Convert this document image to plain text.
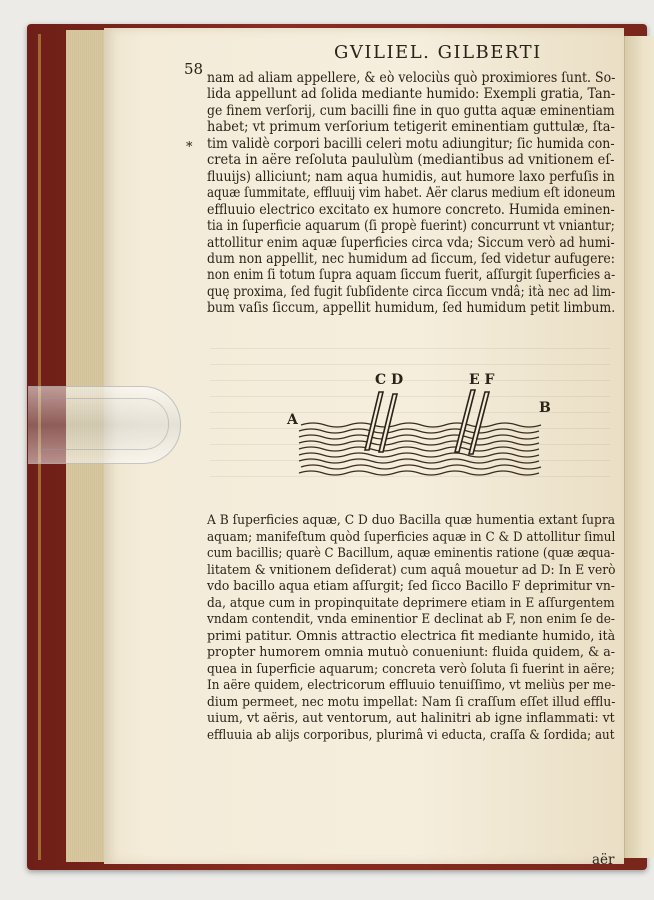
58
GVILIEL. GILBERTI
*

nam ad aliam appellere, & eò velociùs quò proximiores ſunt. So-
lida appellunt ad ſolida mediante humido: Exempli gratia, Tan-
ge finem verſorij, cum bacilli fine in quo gutta aquæ eminentiam
habet; vt primum verſorium tetigerit eminentiam guttulæ, ſta-
tim validè corpori bacilli celeri motu adiungitur; ſic humida con-
creta in aëre reſoluta paululùm (mediantibus ad vnitionem eſ-
fluuijs) alliciunt; nam aqua humidis, aut humore laxo perfuſis in
aquæ ſummitate, effluuij vim habet. Aër clarus medium eſt idoneum
effluuio electrico excitato ex humore concreto. Humida eminen-
tia in ſuperficie aquarum (ſi propè fuerint) concurrunt vt vniantur;
attollitur enim aquæ ſuperficies circa vda; Siccum verò ad humi-
dum non appellit, nec humidum ad ſiccum, ſed videtur aufugere:
non enim ſi totum ſupra aquam ſiccum fuerit, aſſurgit ſuperficies a-
quę proxima, ſed fugit ſubſidente circa ſiccum vndâ; ità nec ad lim-
bum vaſis ſiccum, appellit humidum, ſed humidum petit limbum.

A
B
C D	E F

A B ſuperficies aquæ, C D duo Bacilla quæ humentia extant ſupra
aquam; manifeſtum quòd ſuperficies aquæ in C & D attollitur ſimul
cum bacillis; quarè C Bacillum, aquæ eminentis ratione (quæ æqua-
litatem & vnitionem deſiderat) cum aquâ mouetur ad D: In E verò
vdo bacillo aqua etiam aſſurgit; ſed ſicco Bacillo F deprimitur vn-
da, atque cum in propinquitate deprimere etiam in E aſſurgentem
vndam contendit, vnda eminentior E declinat ab F, non enim ſe de-
primi patitur. Omnis attractio electrica fit mediante humido, ità
propter humorem omnia mutuò conueniunt: fluida quidem, & a-
quea in ſuperficie aquarum; concreta verò ſoluta ſi fuerint in aëre;
In aëre quidem, electricorum effluuio tenuiſſimo, vt meliùs per me-
dium permeet, nec motu impellat: Nam ſi craſſum eſſet illud efflu-
uium, vt aëris, aut ventorum, aut halinitri ab igne inflammati: vt
effluuia ab alijs corporibus, plurimâ vi educta, craſſa & ſordida; aut

aër
